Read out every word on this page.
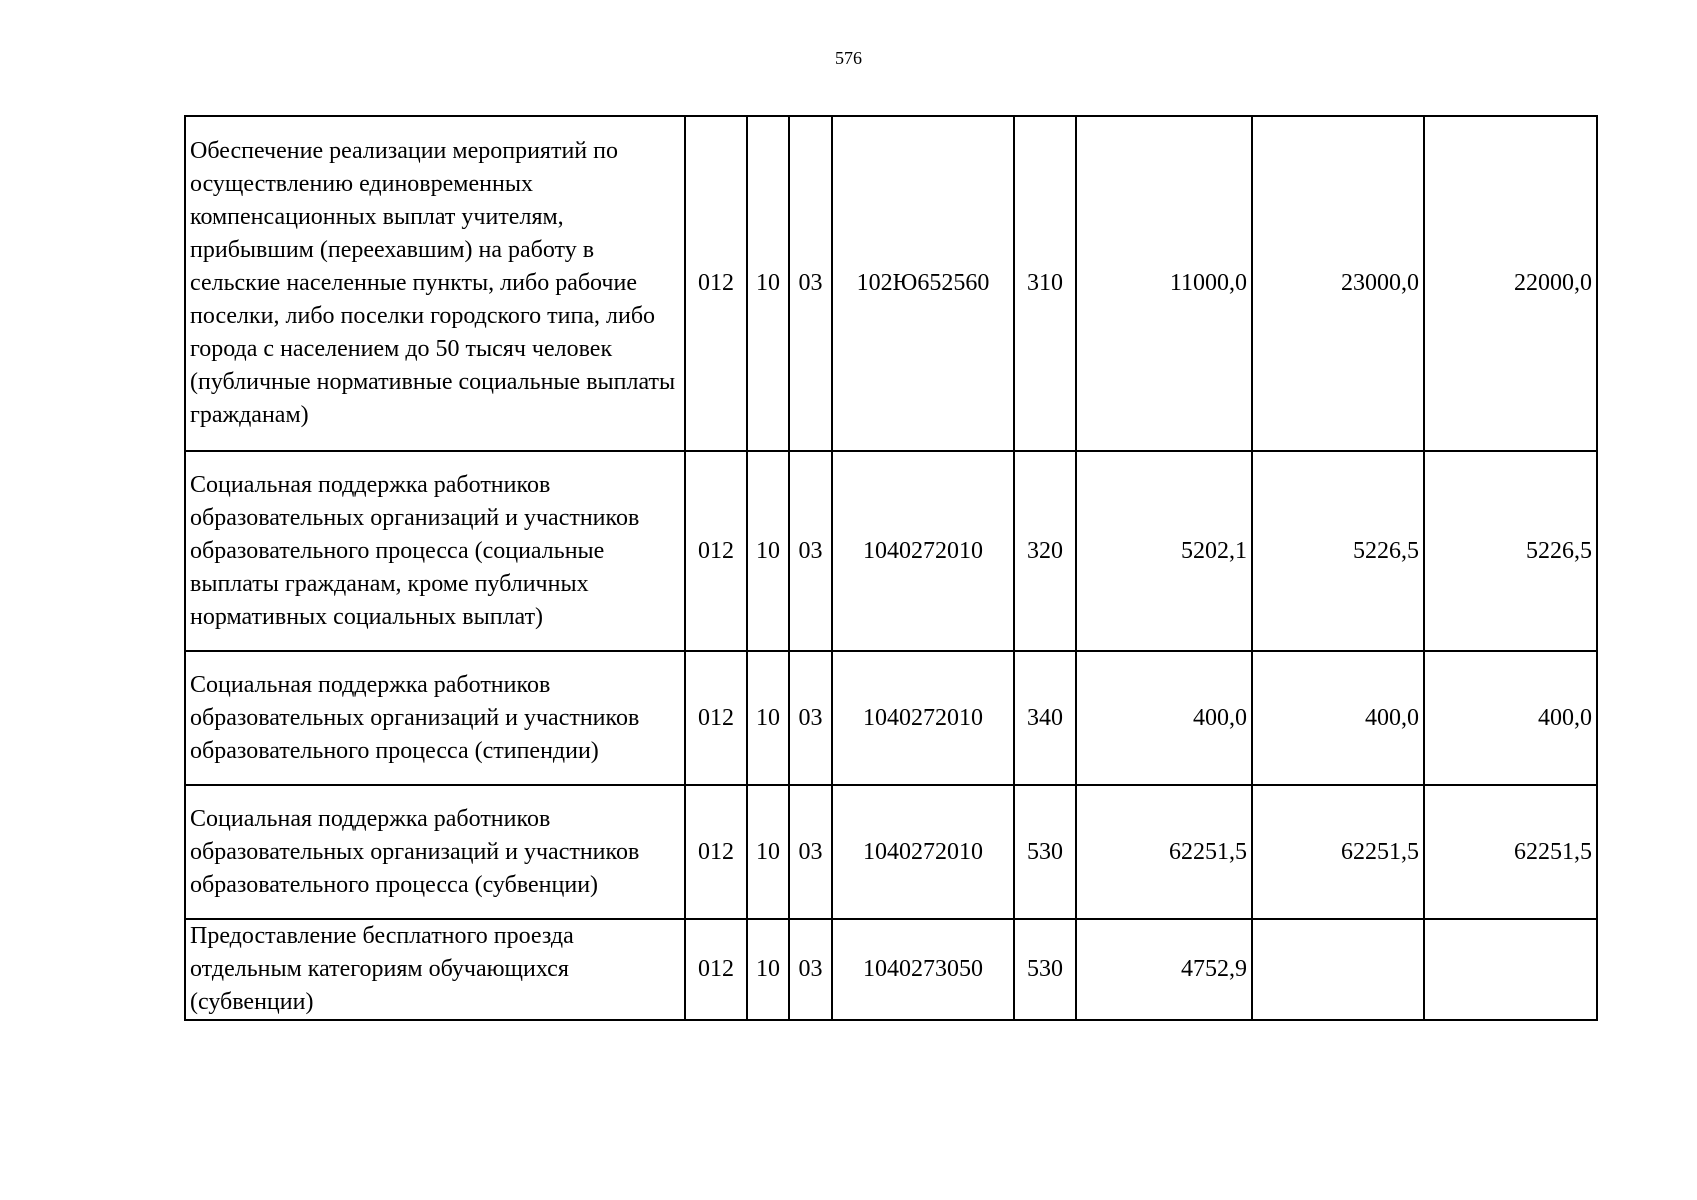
576
Обеспечение реализации мероприятий по осуществлению единовременных компенсационных выплат учителям, прибывшим (переехавшим) на работу в сельские населенные пункты, либо рабочие поселки, либо поселки городского типа, либо города с населением до 50 тысяч человек (публичные нормативные социальные выплаты гражданам)	012	10	03	102Ю652560	310	11000,0	23000,0	22000,0
Социальная поддержка работников образовательных организаций и участников образовательного процесса (социальные выплаты гражданам, кроме публичных нормативных социальных выплат)	012	10	03	1040272010	320	5202,1	5226,5	5226,5
Социальная поддержка работников образовательных организаций и участников образовательного процесса (стипендии)	012	10	03	1040272010	340	400,0	400,0	400,0
Социальная поддержка работников образовательных организаций и участников образовательного процесса (субвенции)	012	10	03	1040272010	530	62251,5	62251,5	62251,5
Предоставление бесплатного проезда отдельным категориям обучающихся (субвенции)	012	10	03	1040273050	530	4752,9		
